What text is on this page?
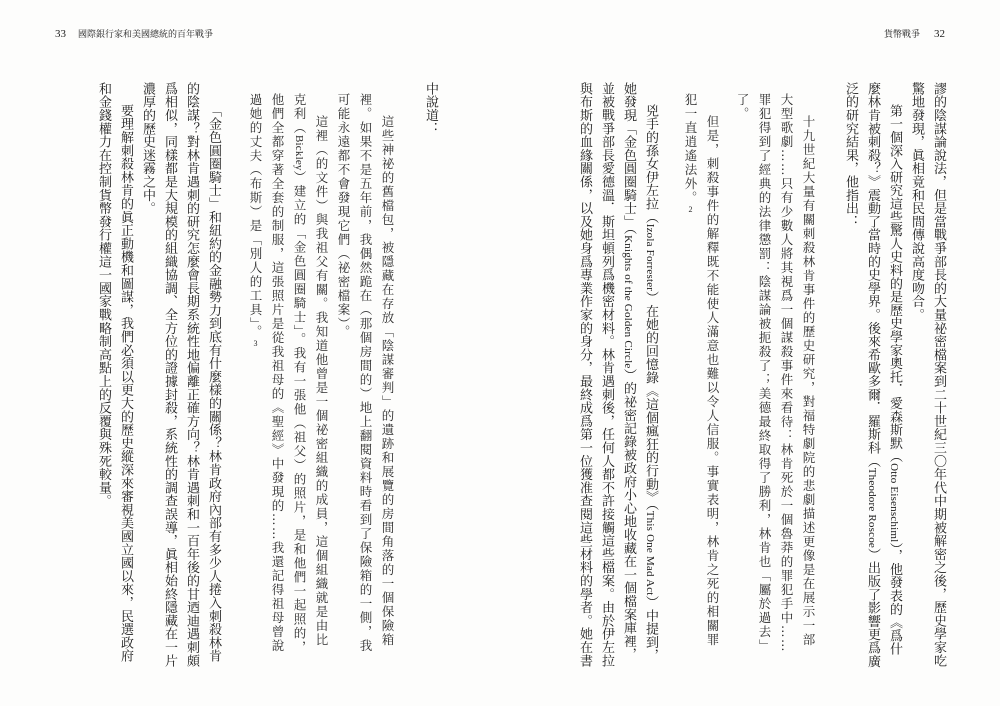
33 國際銀行家和美國總統的百年戰爭
中說道：
這些神祕的舊檔包，被隱藏在存放「陰謀審判」的遺跡和展覽的房間角落的一個保險箱
裡。如果不是五年前，我偶然跪在（那個房間的）地上翻閱資料時看到了保險箱的一側，我
可能永遠都不會發現它們（祕密檔案）。
這裡（的文件）與我祖父有關。我知道他曾是一個祕密組織的成員，這個組織就是由比
克利（Bickley）建立的「金色圓圈騎士」。我有一張他（祖父）的照片，是和他們一起照的，
他們全都穿著全套的制服，這張照片是從我祖母的《聖經》中發現的……我還記得祖母曾說
過她的丈夫（布斯）是「別人的工具」。3
「金色圓圈騎士」和紐約的金融勢力到底有什麼樣的關係？林肯政府內部有多少人捲入刺殺林肯
的陰謀？對林肯遇刺的研究怎麼會長期系統性地偏離正確方向？林肯遇刺和一百年後的甘迺迪遇刺頗
爲相似，同樣都是大規模的組織協調、全方位的證據封殺，系統性的調查誤導，眞相始終隱藏在一片
濃厚的歷史迷霧之中。
要理解刺殺林肯的眞正動機和圖謀，我們必須以更大的歷史縱深來審視美國立國以來，民選政府
和金錢權力在控制貨幣發行權這一國家戰略制高點上的反覆與殊死較量。
貨幣戰爭 32
謬的陰謀論說法，但是當戰爭部長的大量祕密檔案到二十世紀三〇年代中期被解密之後，歷史學家吃
驚地發現，眞相竟和民間傳說高度吻合。
第一個深入研究這些驚人史料的是歷史學家奧托．愛森斯默（Otto Eisenschiml），他發表的《爲什
麼林肯被刺殺？》震動了當時的史學界。後來希歐多爾．羅斯科（Theodore Roscoe）出版了影響更爲廣
泛的研究結果，他指出：
十九世紀大量有關刺殺林肯事件的歷史研究，對福特劇院的悲劇描述更像是在展示一部
大型歌劇……只有少數人將其視爲一個謀殺事件來看待：林肯死於一個魯莽的罪犯手中……
罪犯得到了經典的法律懲罰：陰謀論被扼殺了；美德最終取得了勝利，林肯也「屬於過去」
了。
但是，刺殺事件的解釋既不能使人滿意也難以令人信服。事實表明，林肯之死的相關罪
犯一直逍遙法外。2
兇手的孫女伊左拉（Izola Forrester）在她的回憶錄《這個瘋狂的行動》（This One Mad Act）中提到，
她發現「金色圓圈騎士」（Knights of the Golden Circle）的祕密記錄被政府小心地收藏在一個檔案庫裡，
並被戰爭部長愛德溫．斯坦頓列爲機密材料。林肯遇刺後，任何人都不許接觸這些檔案。由於伊左拉
與布斯的血緣關係，以及她身爲專業作家的身分，最終成爲第一位獲准查閱這些材料的學者。她在書
